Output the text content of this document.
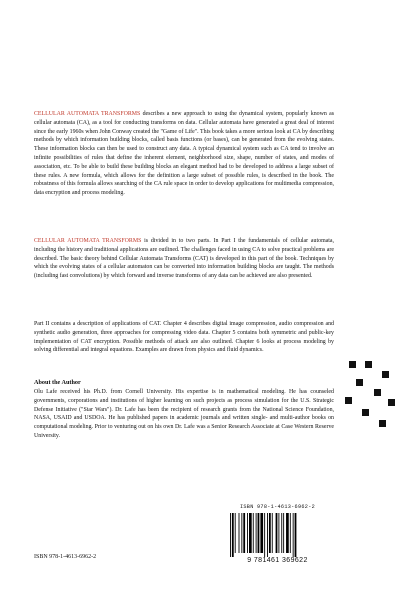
CELLULAR AUTOMATA TRANSFORMS describes a new approach to using the dynamical system, popularly known as cellular automata (CA), as a tool for conducting transforms on data. Cellular automata have generated a great deal of interest since the early 1960s when John Conway created the "Game of Life". This book takes a more serious look at CA by describing methods by which information building blocks, called basis functions (or bases), can be generated from the evolving states. These information blocks can then be used to construct any data. A typical dynamical system such as CA tend to involve an infinite possibilities of rules that define the inherent element, neighborhood size, shape, number of states, and modes of association, etc. To be able to build these building blocks an elegant method had to be developed to address a large subset of these rules. A new formula, which allows for the definition a large subset of possible rules, is described in the book. The robustness of this formula allows searching of the CA rule space in order to develop applications for multimedia compression, data encryption and process modeling.
CELLULAR AUTOMATA TRANSFORMS is divided in to two parts. In Part I the fundamentals of cellular automata, including the history and traditional applications are outlined. The challenges faced in using CA to solve practical problems are described. The basic theory behind Cellular Automata Transforms (CAT) is developed in this part of the book. Techniques by which the evolving states of a cellular automaton can be converted into information building blocks are taught. The methods (including fast convolutions) by which forward and inverse transforms of any data can be achieved are also presented.
Part II contains a description of applications of CAT. Chapter 4 describes digital image compression, audio compression and synthetic audio generation, three approaches for compressing video data. Chapter 5 contains both symmetric and public-key implementation of CAT encryption. Possible methods of attack are also outlined. Chapter 6 looks at process modeling by solving differential and integral equations. Examples are drawn from physics and fluid dynamics.
About the Author
Olu Lafe received his Ph.D. from Cornell University. His expertise is in mathematical modeling. He has counseled governments, corporations and institutions of higher learning on such projects as process simulation for the U.S. Strategic Defense Initiative ("Star Wars"). Dr. Lafe has been the recipient of research grants from the National Science Foundation, NASA, USAID and USDOA. He has published papers in academic journals and written single- and multi-author books on computational modeling. Prior to venturing out on his own Dr. Lafe was a Senior Research Associate at Case Western Reserve University.
ISBN 978-1-4613-6962-2
9 781461 369622
ISBN 978-1-4613-6962-2
